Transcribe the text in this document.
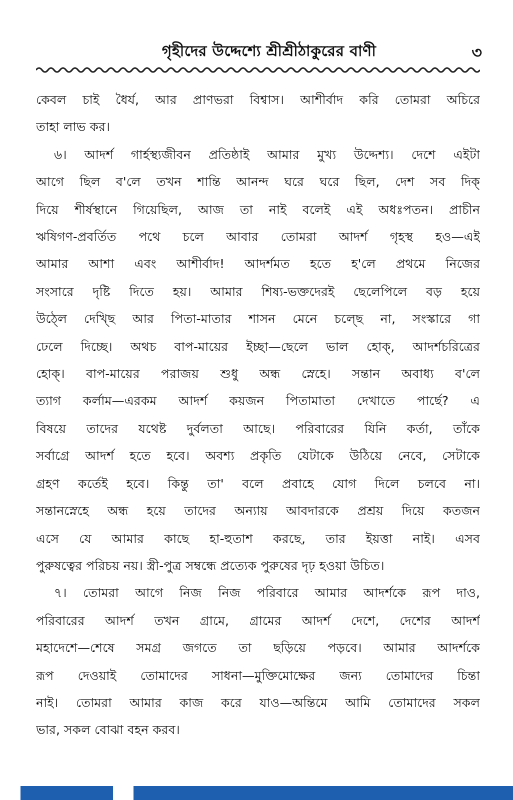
গৃহীদের উদ্দেশ্যে শ্রীশ্রীঠাকুরের বাণী	৩
কেবল চাই ধৈর্য, আর প্রাণভরা বিশ্বাস। আশীর্বাদ করি তোমরা অচিরে
তাহা লাভ কর।
৬। আদর্শ গার্হস্থ্যজীবন প্রতিষ্ঠাই আমার মুখ্য উদ্দেশ্য। দেশে এইটা
আগে ছিল ব'লে তখন শান্তি আনন্দ ঘরে ঘরে ছিল, দেশ সব দিক্
দিয়ে শীর্ষস্থানে গিয়েছিল, আজ তা নাই বলেই এই অধঃপতন। প্রাচীন
ঋষিগণ-প্রবর্তিত পথে চলে আবার তোমরা আদর্শ গৃহস্থ হও—এই
আমার আশা এবং আশীর্বাদ! আদর্শমত হতে হ'লে প্রথমে নিজের
সংসারে দৃষ্টি দিতে হয়। আমার শিষ্য-ভক্তদেরই ছেলেপিলে বড় হয়ে
উঠ্লে দেখ্ছি আর পিতা-মাতার শাসন মেনে চল্ছে না, সংস্কারে গা
ঢেলে দিচ্ছে। অথচ বাপ-মায়ের ইচ্ছা—ছেলে ভাল হোক্, আদর্শচরিত্রের
হোক্। বাপ-মায়ের পরাজয় শুধু অন্ধ স্নেহে। সন্তান অবাধ্য ব'লে
ত্যাগ কর্লাম—এরকম আদর্শ কয়জন পিতামাতা দেখাতে পার্ছে? এ
বিষয়ে তাদের যথেষ্ট দুর্বলতা আছে। পরিবারের যিনি কর্তা, তাঁকে
সর্বাগ্রে আদর্শ হতে হবে। অবশ্য প্রকৃতি যেটাকে উঠিয়ে নেবে, সেটাকে
গ্রহণ কর্তেই হবে। কিন্তু তা' বলে প্রবাহে যোগ দিলে চলবে না।
সন্তানস্নেহে অন্ধ হয়ে তাদের অন্যায় আবদারকে প্রশ্রয় দিয়ে কতজন
এসে যে আমার কাছে হা-হুতাশ করছে, তার ইয়ত্তা নাই। এসব
পুরুষত্বের পরিচয় নয়। স্ত্রী-পুত্র সম্বন্ধে প্রত্যেক পুরুষের দৃঢ় হওয়া উচিত।
৭। তোমরা আগে নিজ নিজ পরিবারে আমার আদর্শকে রূপ দাও,
পরিবারের আদর্শ তখন গ্রামে, গ্রামের আদর্শ দেশে, দেশের আদর্শ
মহাদেশে—শেষে সমগ্র জগতে তা ছড়িয়ে পড়বে। আমার আদর্শকে
রূপ দেওয়াই তোমাদের সাধনা—মুক্তিমোক্ষের জন্য তোমাদের চিন্তা
নাই। তোমরা আমার কাজ করে যাও—অন্তিমে আমি তোমাদের সকল
ভার, সকল বোঝা বহন করব।
